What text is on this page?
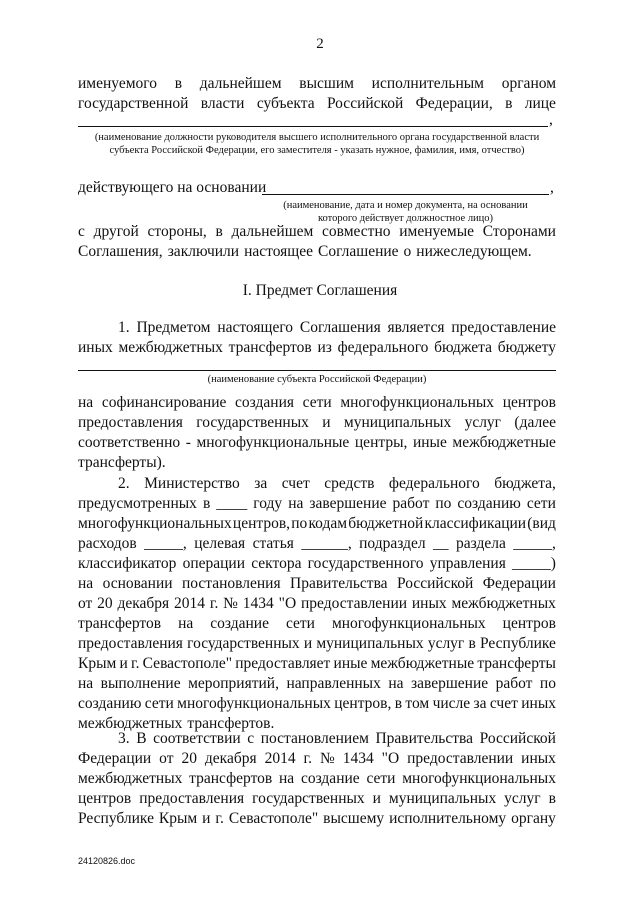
2
именуемого в дальнейшем высшим исполнительным органом
государственной власти субъекта Российской Федерации, в лице
,
(наименование должности руководителя высшего исполнительного органа государственной власти
субъекта Российской Федерации, его заместителя - указать нужное, фамилия, имя, отчество)
действующего на основании	,
(наименование, дата и номер документа, на основании
которого действует должностное лицо)
с другой стороны, в дальнейшем совместно именуемые Сторонами
Соглашения, заключили настоящее Соглашение о нижеследующем.
I. Предмет Соглашения
1. Предметом настоящего Соглашения является предоставление
иных межбюджетных трансфертов из федерального бюджета бюджету
(наименование субъекта Российской Федерации)
на софинансирование создания сети многофункциональных центров
предоставления государственных и муниципальных услуг (далее
соответственно - многофункциональные центры, иные межбюджетные
трансферты).
2. Министерство за счет средств федерального бюджета,
предусмотренных в ____ году на завершение работ по созданию сети
многофункциональных центров, по кодам бюджетной классификации (вид
расходов _____, целевая статья ______, подраздел __ раздела _____,
классификатор операции сектора государственного управления _____)
на основании постановления Правительства Российской Федерации
от 20 декабря 2014 г. № 1434 "О предоставлении иных межбюджетных
трансфертов на создание сети многофункциональных центров
предоставления государственных и муниципальных услуг в Республике
Крым и г. Севастополе" предоставляет иные межбюджетные трансферты
на выполнение мероприятий, направленных на завершение работ по
созданию сети многофункциональных центров, в том числе за счет иных
межбюджетных трансфертов.
3. В соответствии с постановлением Правительства Российской
Федерации от 20 декабря 2014 г. № 1434 "О предоставлении иных
межбюджетных трансфертов на создание сети многофункциональных
центров предоставления государственных и муниципальных услуг в
Республике Крым и г. Севастополе" высшему исполнительному органу
24120826.doc
